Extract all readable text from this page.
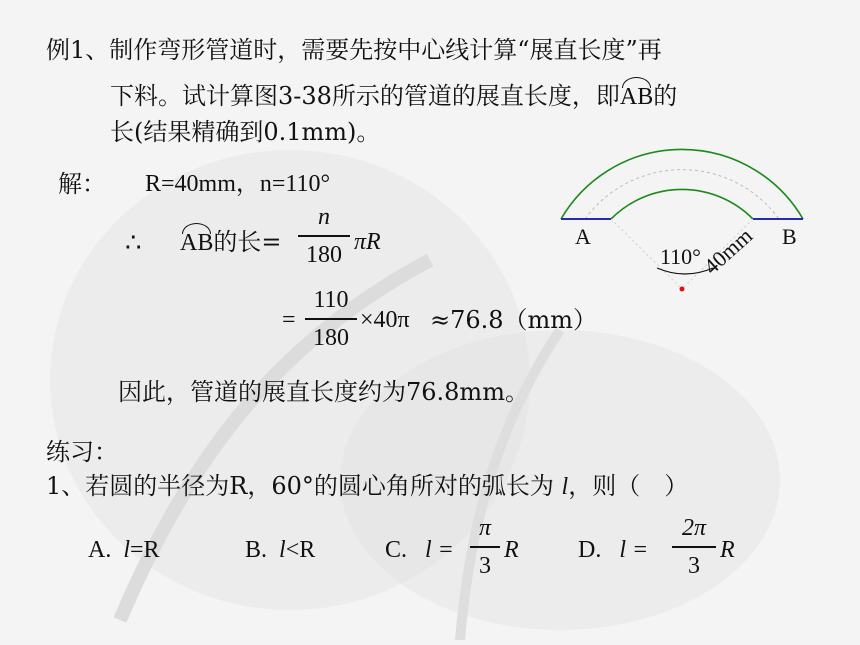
例1、制作弯形管道时，需要先按中心线计算“展直长度”再
下料。试计算图3-38所示的管道的展直长度，即AB的
长(结果精确到0.1mm)。
解： R=40mm，n=110°
∴ AB的长=
n
180 πR
=
110
180
×40π ≈76.8（mm）
因此，管道的展直长度约为76.8mm。
A	B
110°
40mm
练习：
1、若圆的半径为R，60°的圆心角所对的弧长为 l，则（　）
A. l=R	B. l<R	C. l =
π
3
R D. l =
2π
3
R
